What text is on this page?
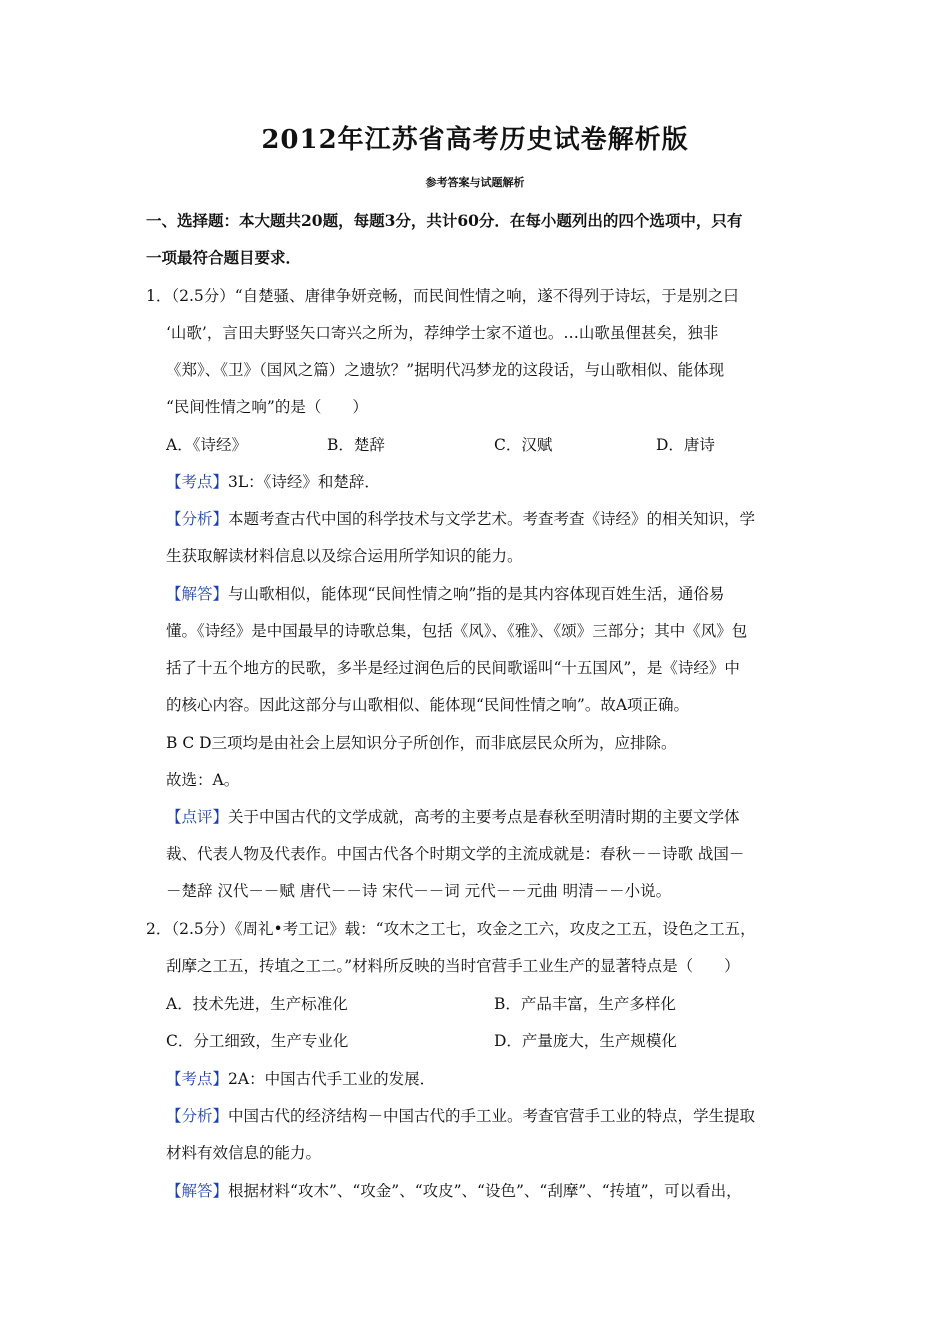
2012年江苏省高考历史试卷解析版
参考答案与试题解析
一、选择题：本大题共20题，每题3分，共计60分．在每小题列出的四个选项中，只有
一项最符合题目要求．
1．（2.5分）“自楚骚、唐律争妍竞畅，而民间性情之响，遂不得列于诗坛，于是别之曰
‘山歌’，言田夫野竖矢口寄兴之所为，荐绅学士家不道也。…山歌虽俚甚矣，独非
《郑》、《卫》（国风之篇）之遗欤？”据明代冯梦龙的这段话，与山歌相似、能体现
“民间性情之响”的是（　　）
A．《诗经》	B．楚辞	C．汉赋	D．唐诗
【考点】3L：《诗经》和楚辞．
【分析】本题考查古代中国的科学技术与文学艺术。考查考查《诗经》的相关知识，学
生获取解读材料信息以及综合运用所学知识的能力。
【解答】与山歌相似，能体现“民间性情之响”指的是其内容体现百姓生活，通俗易
懂。《诗经》是中国最早的诗歌总集，包括《风》、《雅》、《颂》三部分；其中《风》包
括了十五个地方的民歌，多半是经过润色后的民间歌谣叫“十五国风”，是《诗经》中
的核心内容。因此这部分与山歌相似、能体现“民间性情之响”。故A项正确。
B C D三项均是由社会上层知识分子所创作，而非底层民众所为，应排除。
故选：A。
【点评】关于中国古代的文学成就，高考的主要考点是春秋至明清时期的主要文学体
裁、代表人物及代表作。中国古代各个时期文学的主流成就是：春秋－－诗歌 战国－
－楚辞 汉代－－赋 唐代－－诗 宋代－－词 元代－－元曲 明清－－小说。
2．（2.5分）《周礼•考工记》载：“攻木之工七，攻金之工六，攻皮之工五，设色之工五，
刮摩之工五，抟埴之工二。”材料所反映的当时官营手工业生产的显著特点是（　　）
A．技术先进，生产标准化	B．产品丰富，生产多样化
C．分工细致，生产专业化	D．产量庞大，生产规模化
【考点】2A：中国古代手工业的发展．
【分析】中国古代的经济结构－中国古代的手工业。考查官营手工业的特点，学生提取
材料有效信息的能力。
【解答】根据材料“攻木”、“攻金”、“攻皮”、“设色”、“刮摩”、“抟埴”，可以看出，
